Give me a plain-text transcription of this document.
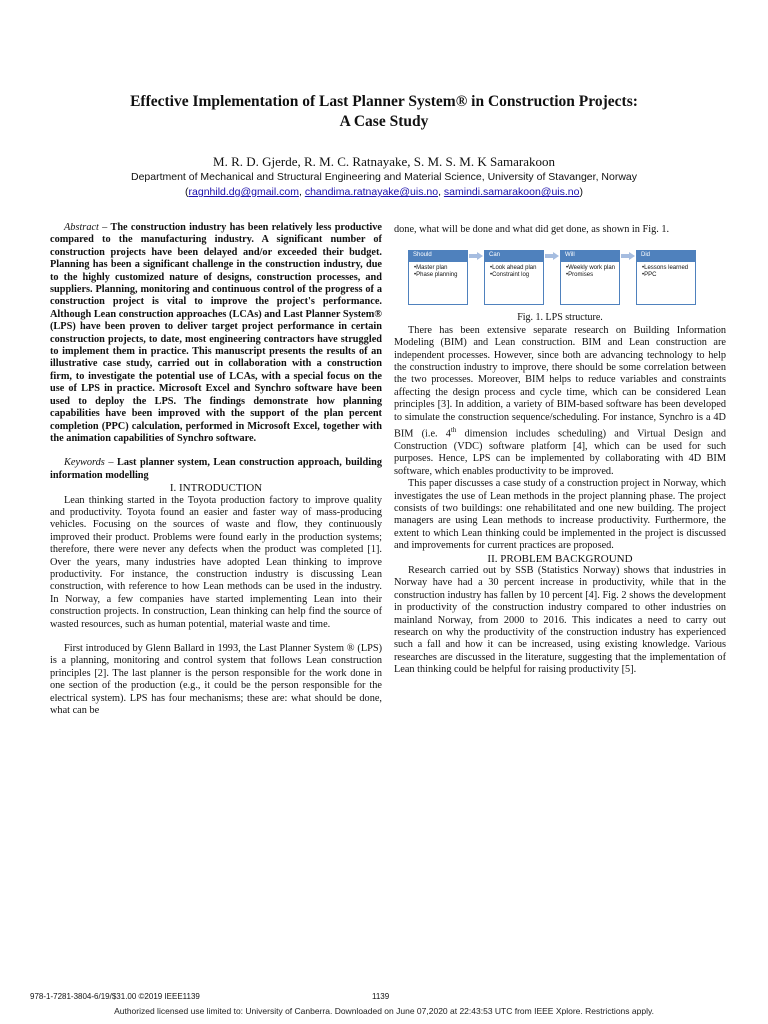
Effective Implementation of Last Planner System® in Construction Projects:
A Case Study
M. R. D. Gjerde, R. M. C. Ratnayake, S. M. S. M. K Samarakoon
Department of Mechanical and Structural Engineering and Material Science, University of Stavanger, Norway
(ragnhild.dg@gmail.com, chandima.ratnayake@uis.no, samindi.samarakoon@uis.no)

Abstract – The construction industry has been relatively less productive compared to the manufacturing industry. A significant number of construction projects have been delayed and/or exceeded their budget. Planning has been a significant challenge in the construction industry, due to the highly customized nature of designs, construction processes, and suppliers. Planning, monitoring and continuous control of the progress of a construction project is vital to improve the project's performance. Although Lean construction approaches (LCAs) and Last Planner System® (LPS) have been proven to deliver target project performance in certain construction projects, to date, most engineering contractors have struggled to implement them in practice. This manuscript presents the results of an illustrative case study, carried out in collaboration with a construction firm, to investigate the potential use of LCAs, with a special focus on the use of LPS in practice. Microsoft Excel and Synchro software have been used to deploy the LPS. The findings demonstrate how planning capabilities have been improved with the support of the plan percent completion (PPC) calculation, performed in Microsoft Excel, together with the animation capabilities of Synchro software.

Keywords – Last planner system, Lean construction approach, building information modelling

I. INTRODUCTION

Lean thinking started in the Toyota production factory to improve quality and productivity. Toyota found an easier and faster way of mass-producing vehicles. Focusing on the sources of waste and flow, they continuously improved their product. Problems were found early in the production systems; therefore, there were never any defects when the product was completed [1]. Over the years, many industries have adopted Lean thinking to improve productivity. For instance, the construction industry is discussing Lean construction, with reference to how Lean methods can be used in the industry. In Norway, a few companies have started implementing Lean into their construction projects. In construction, Lean thinking can help find the source of wasted resources, such as human potential, material waste and time.

First introduced by Glenn Ballard in 1993, the Last Planner System ® (LPS) is a planning, monitoring and control system that follows Lean construction principles [2]. The last planner is the person responsible for the work done in one section of the production (e.g., it could be the person responsible for the electrical system). LPS has four mechanisms; these are: what should be done, what can be

done, what will be done and what did get done, as shown in Fig. 1.

Should
•Master plan
•Phase planning
Can
•Look ahead plan
•Constraint log
Will
•Weekly work plan
•Promises
Did
•Lessons learned
•PPC

Fig. 1. LPS structure.

There has been extensive separate research on Building Information Modeling (BIM) and Lean construction. BIM and Lean construction are independent processes. However, since both are advancing technology to help the construction industry to improve, there should be some correlation between the two processes. Moreover, BIM helps to reduce variables and constraints affecting the design process and cycle time, which can be considered Lean principles [3]. In addition, a variety of BIM-based software has been developed to simulate the construction sequence/scheduling. For instance, Synchro is a 4D BIM (i.e. 4th dimension includes scheduling) and Virtual Design and Construction (VDC) software platform [4], which can be used for such purposes. Hence, LPS can be implemented by collaborating with 4D BIM software, which enables productivity to be improved.

This paper discusses a case study of a construction project in Norway, which investigates the use of Lean methods in the project planning phase. The project consists of two buildings: one rehabilitated and one new building. The project managers are using Lean methods to increase productivity. Furthermore, the extent to which Lean thinking could be implemented in the project is discussed and improvements for current practices are proposed.

II. PROBLEM BACKGROUND

Research carried out by SSB (Statistics Norway) shows that industries in Norway have had a 30 percent increase in productivity, while that in the construction industry has fallen by 10 percent [4]. Fig. 2 shows the development in productivity of the construction industry compared to other industries on mainland Norway, from 2000 to 2016. This indicates a need to carry out research on why the productivity of the construction industry has experienced such a fall and how it can be increased, using existing knowledge. Various researches are discussed in the literature, suggesting that the implementation of Lean thinking could be helpful for raising productivity [5].

978-1-7281-3804-6/19/$31.00 ©2019 IEEE1139	1139
Authorized licensed use limited to: University of Canberra. Downloaded on June 07,2020 at 22:43:53 UTC from IEEE Xplore. Restrictions apply.
